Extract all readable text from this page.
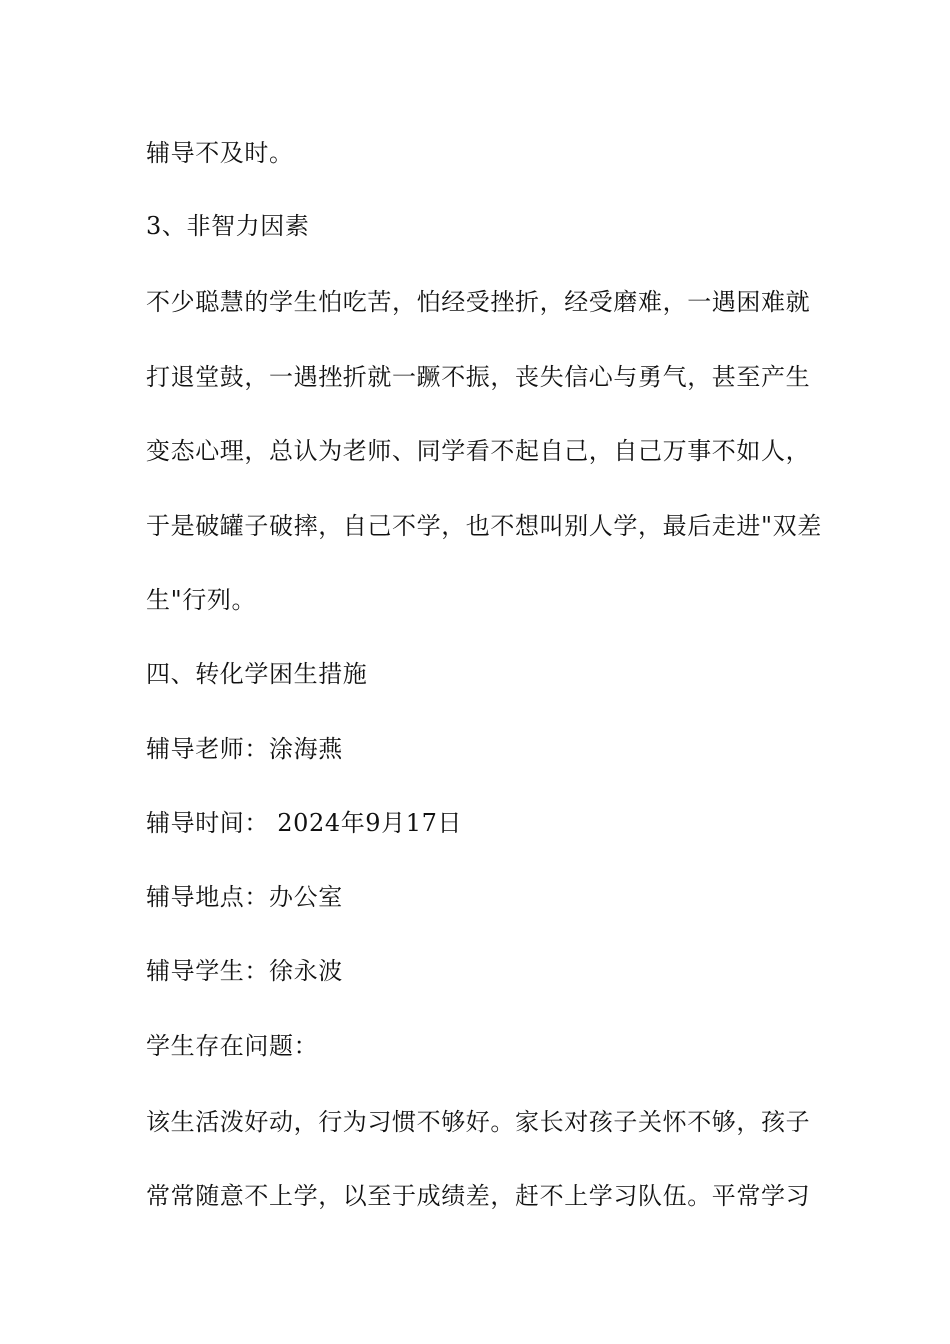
辅导不及时。
3、非智力因素
不少聪慧的学生怕吃苦，怕经受挫折，经受磨难，一遇困难就
打退堂鼓，一遇挫折就一蹶不振，丧失信心与勇气，甚至产生
变态心理，总认为老师、同学看不起自己，自己万事不如人，
于是破罐子破摔，自己不学，也不想叫别人学，最后走进"双差
生"行列。
四、转化学困生措施
辅导老师：涂海燕
辅导时间： 2024年9月17日
辅导地点：办公室
辅导学生：徐永波
学生存在问题：
该生活泼好动，行为习惯不够好。家长对孩子关怀不够，孩子
常常随意不上学，以至于成绩差，赶不上学习队伍。平常学习
